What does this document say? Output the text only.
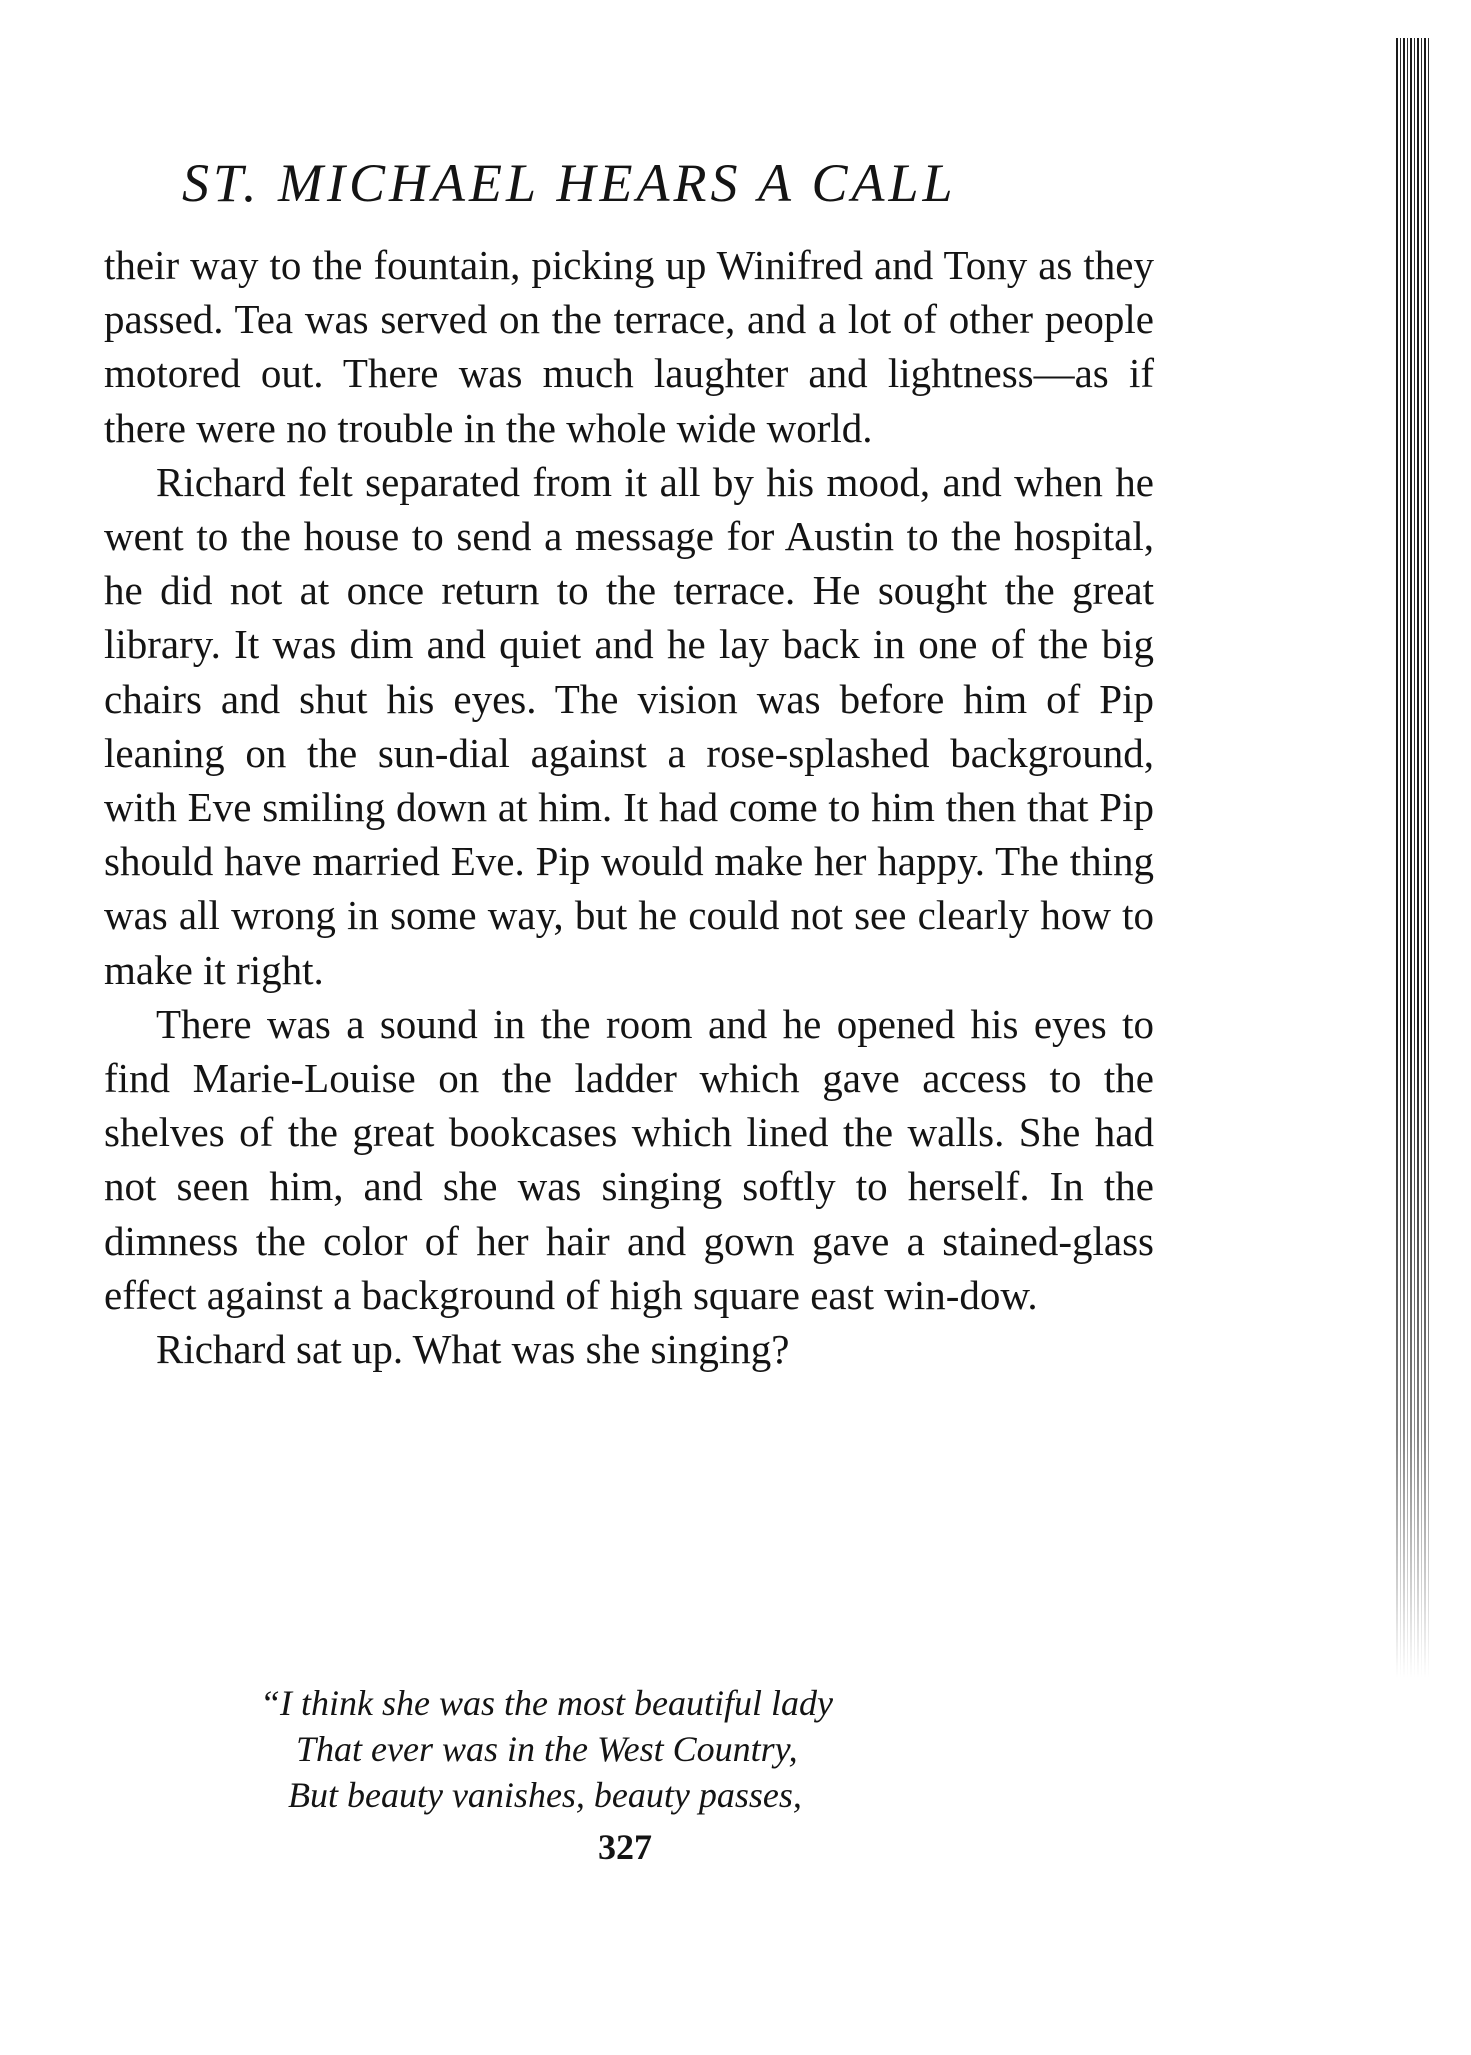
ST. MICHAEL HEARS A CALL

their way to the fountain, picking up Winifred and Tony as they passed. Tea was served on the terrace, and a lot of other people motored out. There was much laughter and lightness—as if there were no trouble in the whole wide world.

Richard felt separated from it all by his mood, and when he went to the house to send a message for Austin to the hospital, he did not at once return to the terrace. He sought the great library. It was dim and quiet and he lay back in one of the big chairs and shut his eyes. The vision was before him of Pip leaning on the sun-dial against a rose-splashed background, with Eve smiling down at him. It had come to him then that Pip should have married Eve. Pip would make her happy. The thing was all wrong in some way, but he could not see clearly how to make it right.

There was a sound in the room and he opened his eyes to find Marie-Louise on the ladder which gave access to the shelves of the great bookcases which lined the walls. She had not seen him, and she was singing softly to herself. In the dimness the color of her hair and gown gave a stained-glass effect against a background of high square east win-dow.

Richard sat up. What was she singing?

“I think she was the most beautiful lady
That ever was in the West Country,
But beauty vanishes, beauty passes,
327
